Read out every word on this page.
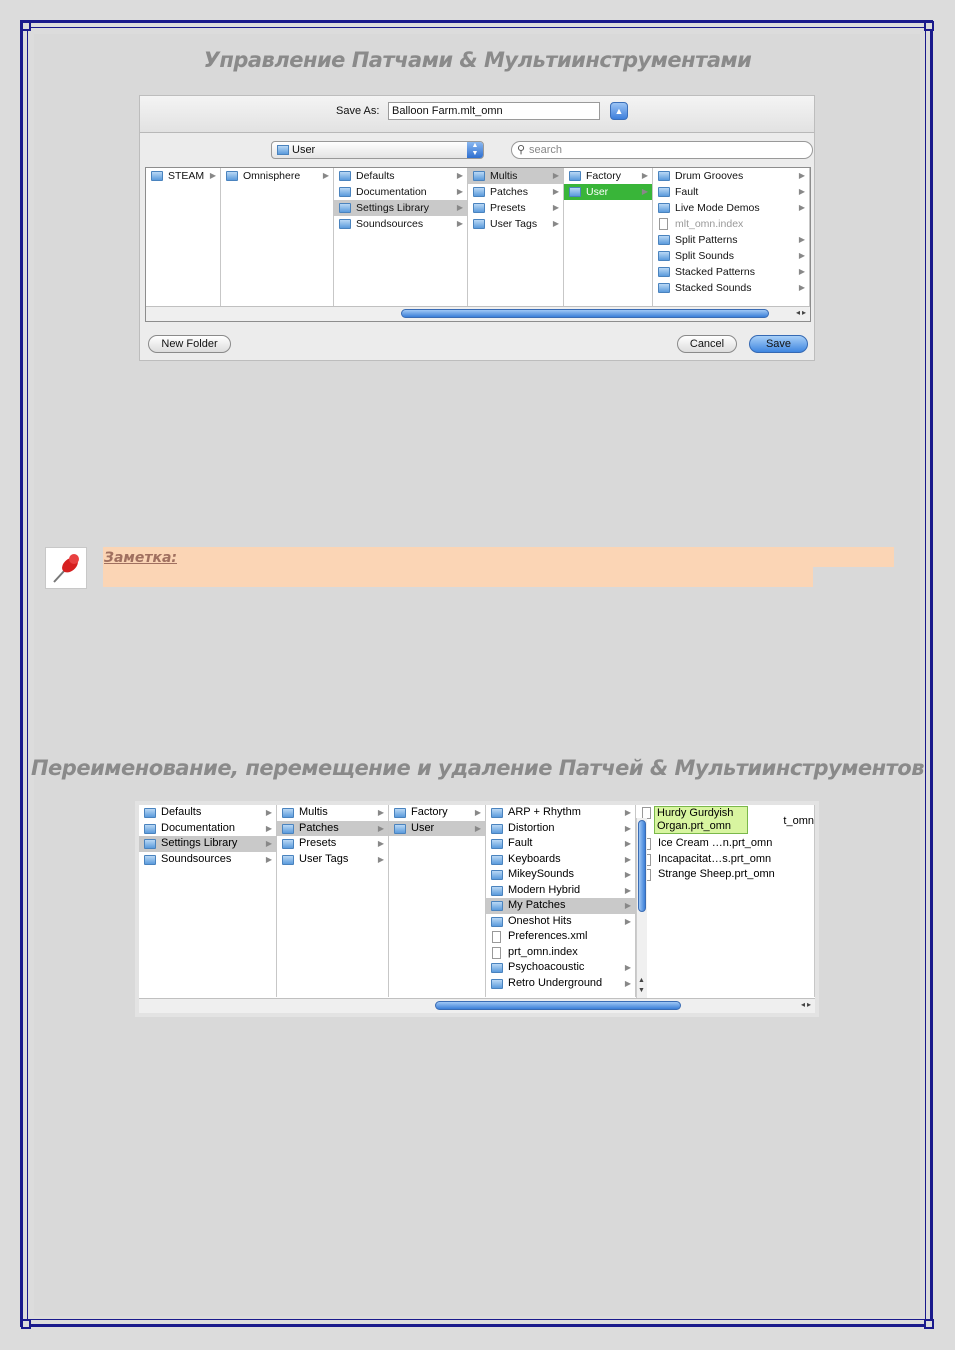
Управление Патчами & Мультиинструментами
Save As:	Balloon Farm.mlt_omn	▲
User	▲
▼	⚲ search
Drum Grooves	▶
Fault	▶
Live Mode Demos	▶
mlt_omn.index
Split Patterns	▶
Split Sounds	▶
Stacked Patterns	▶
Stacked Sounds	▶
Factory	▶
User	▶
Multis	▶
Patches	▶
Presets	▶
User Tags ▶
Defaults	▶
Documentation	▶
Settings Library	▶
Soundsources	▶
Omnisphere	▶
STEAM ▶
◂▸
New Folder	Cancel	Save
Заметка:
Переименование, перемещение и удаление Патчей & Мультиинструментов
t_omn
Hurdy Gurdyish
Organ.prt_omn
Ice Cream …n.prt_omn
Incapacitat…s.prt_omn
Strange Sheep.prt_omn
ARP + Rhythm	▶
Distortion	▶
Fault	▶
Keyboards	▶
MikeySounds	▶
Modern Hybrid	▶
My Patches	▶
Oneshot Hits	▶
Preferences.xml
prt_omn.index
Psychoacoustic	▶
Retro Underground	▶
Factory	▶
User	▶
Multis	▶
Patches	▶
Presets	▶
User Tags	▶
Defaults	▶
Documentation	▶
Settings Library	▶
Soundsources	▶
▲
▼
◂▸
